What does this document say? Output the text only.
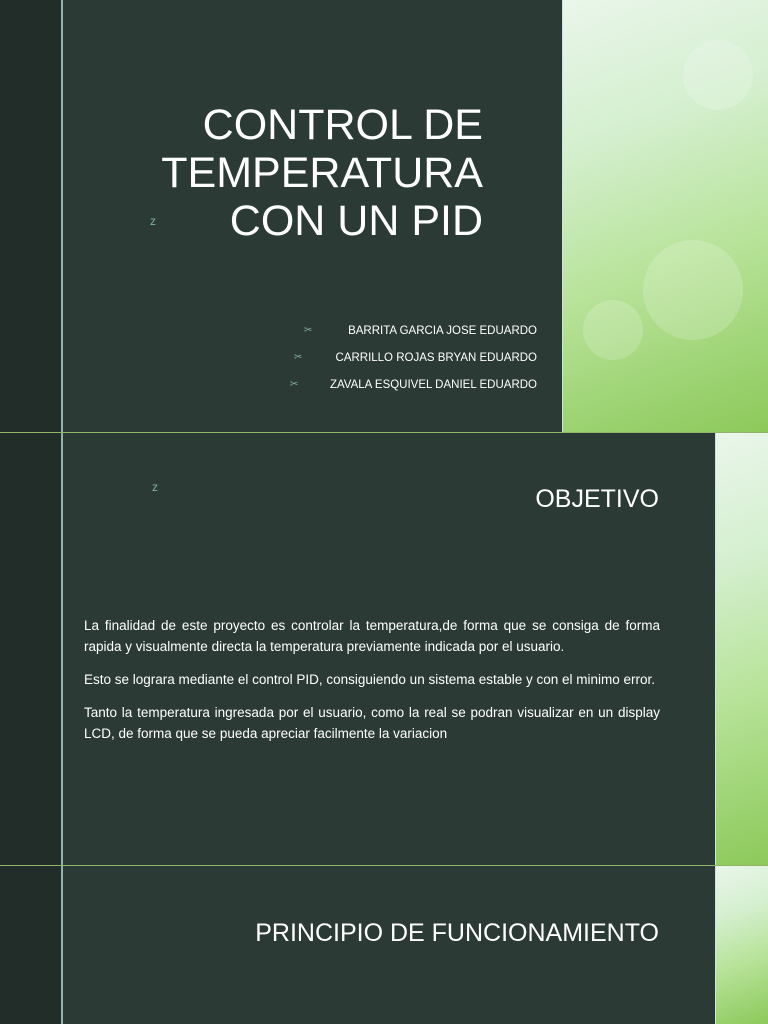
CONTROL DE
TEMPERATURA
CON UN PID
z
✂	BARRITA GARCIA JOSE EDUARDO
✂	CARRILLO ROJAS BRYAN EDUARDO
✂	ZAVALA ESQUIVEL DANIEL EDUARDO
z	OBJETIVO

La finalidad de este proyecto es controlar la temperatura,de forma que se consiga de forma rapida y visualmente directa la temperatura previamente indicada por el usuario.

Esto se lograra mediante el control PID, consiguiendo un sistema estable y con el minimo error.

Tanto la temperatura ingresada por el usuario, como la real se podran visualizar en un display LCD, de forma que se pueda apreciar facilmente la variacion

PRINCIPIO DE FUNCIONAMIENTO
